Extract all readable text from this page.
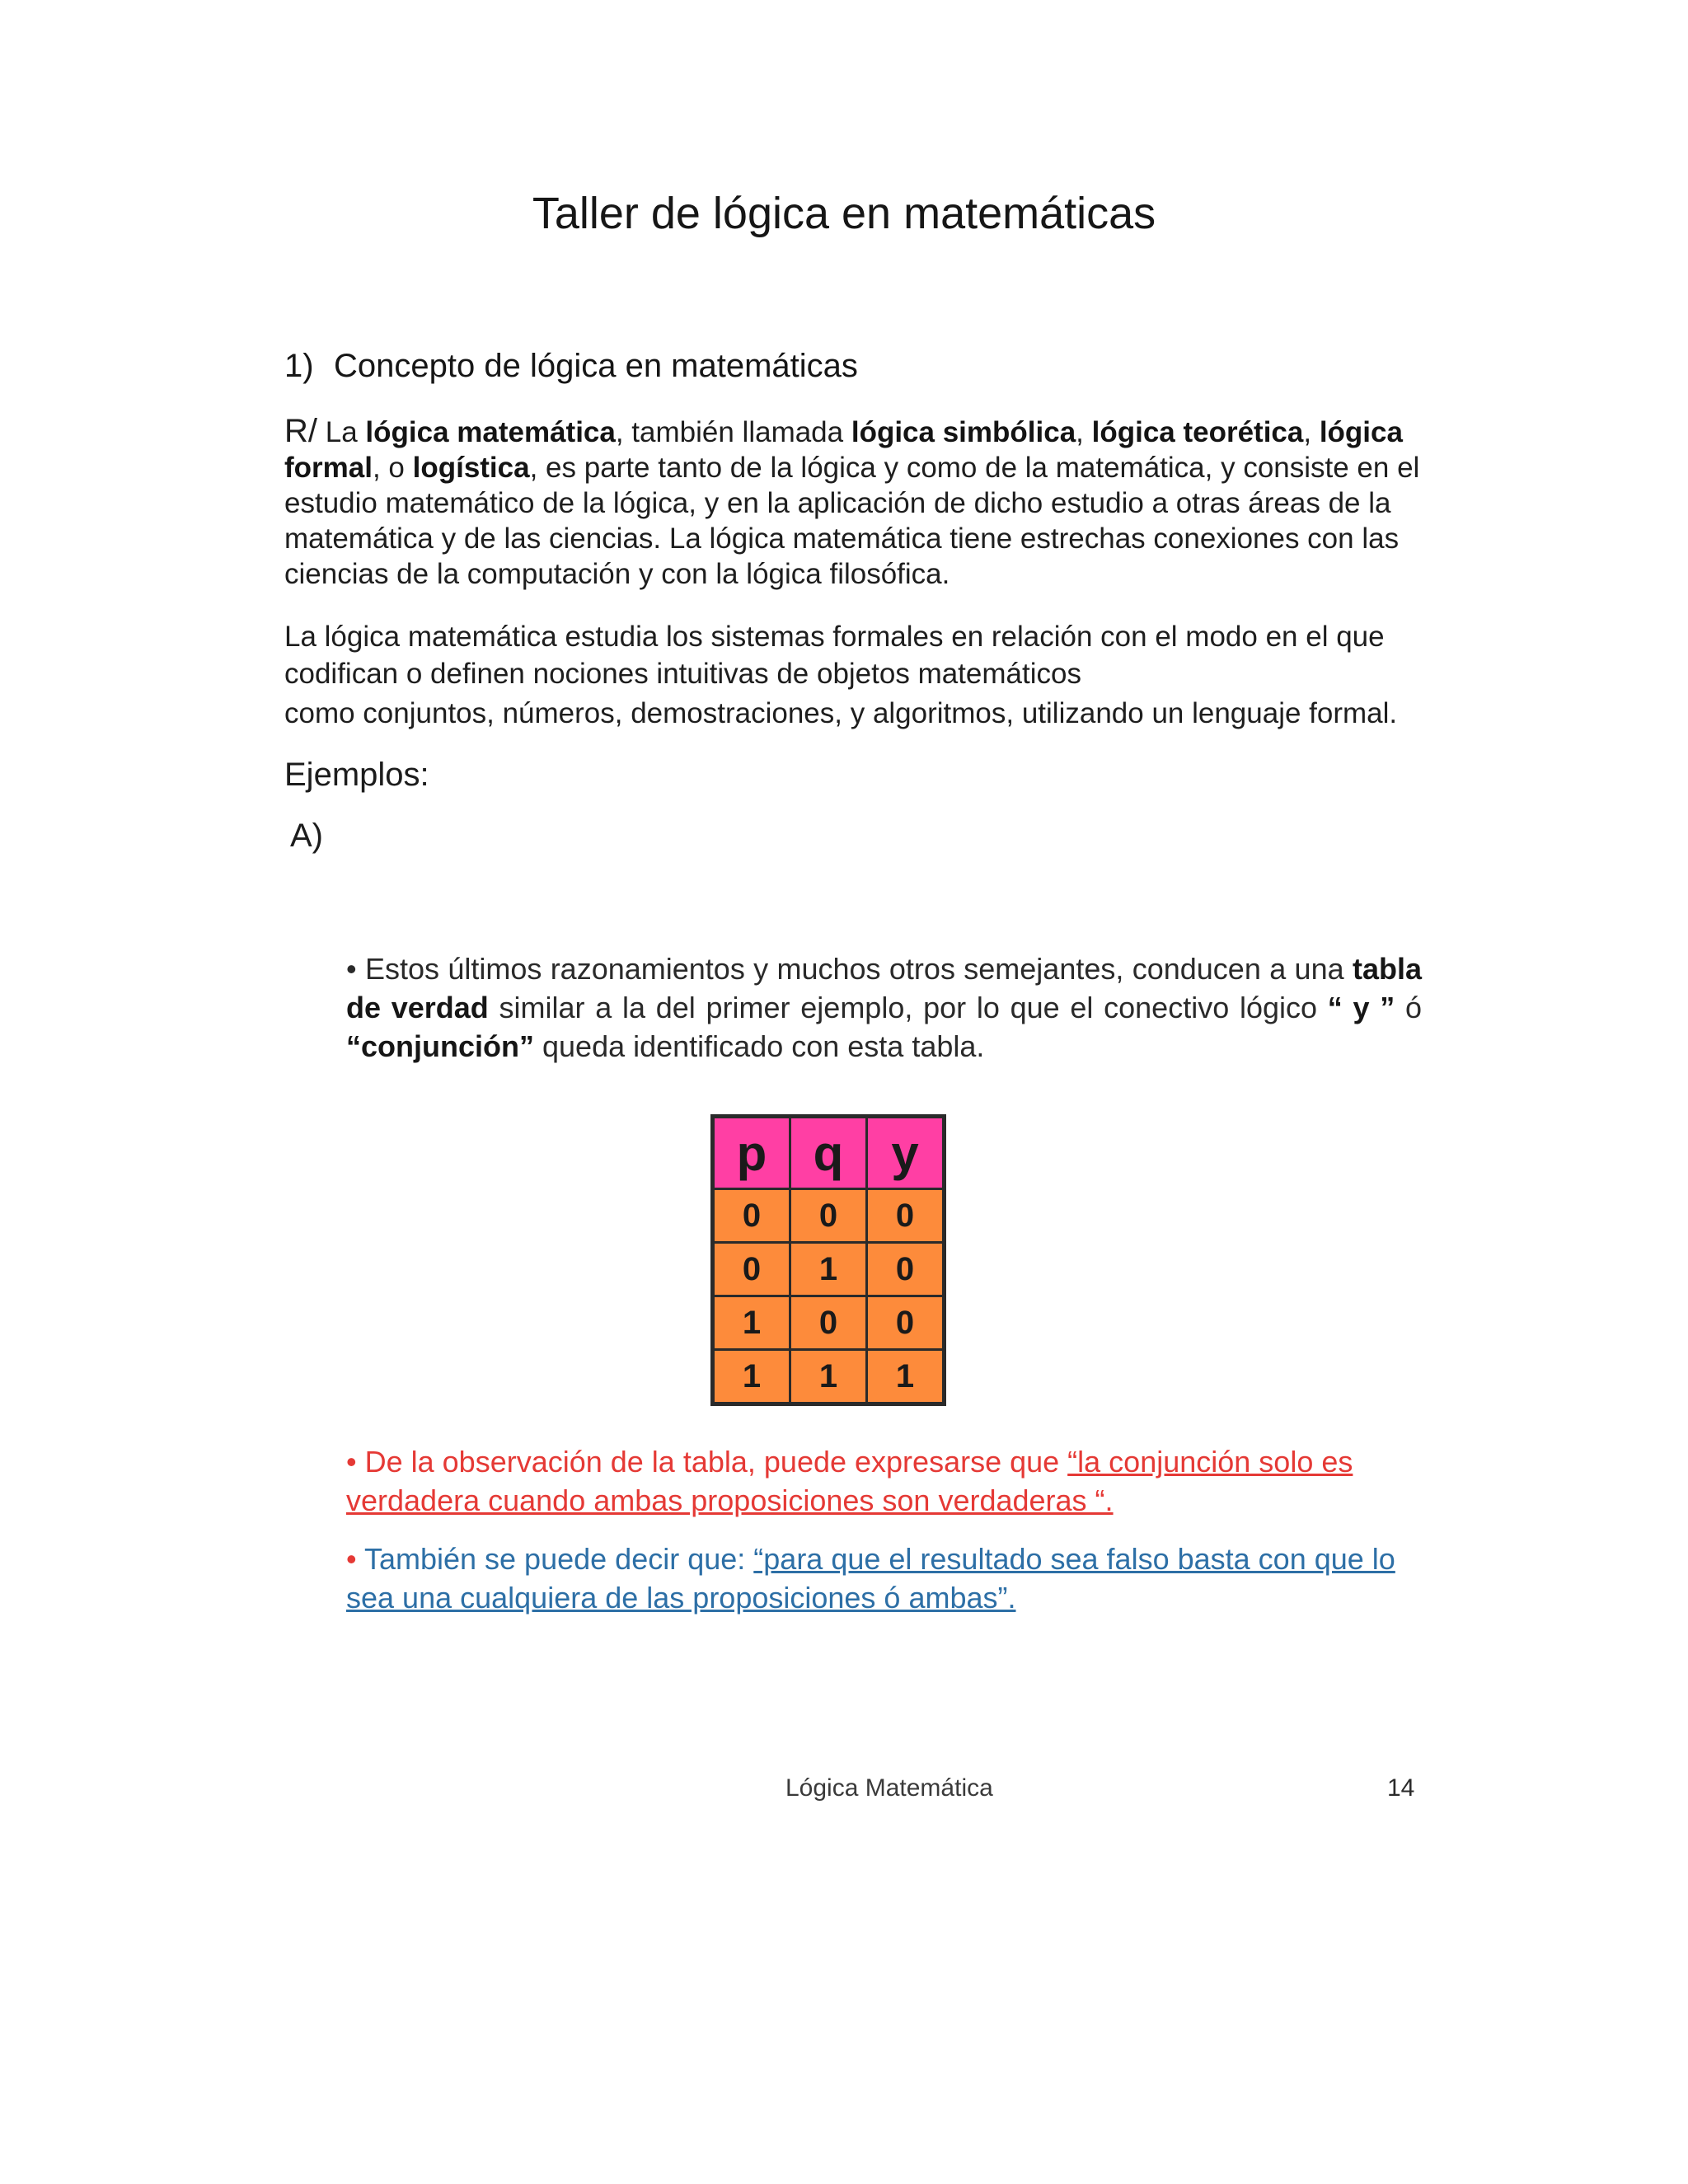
Taller de lógica en matemáticas
1) Concepto de lógica en matemáticas
R/ La lógica matemática, también llamada lógica simbólica, lógica teorética, lógica formal, o logística, es parte tanto de la lógica y como de la matemática, y consiste en el estudio matemático de la lógica, y en la aplicación de dicho estudio a otras áreas de la matemática y de las ciencias. La lógica matemática tiene estrechas conexiones con las ciencias de la computación y con la lógica filosófica.
La lógica matemática estudia los sistemas formales en relación con el modo en el que
codifican o definen nociones intuitivas de objetos matemáticos
como conjuntos, números, demostraciones, y algoritmos, utilizando un lenguaje formal.
Ejemplos:
A)
• Estos últimos razonamientos y muchos otros semejantes, conducen a una tabla de verdad similar a la del primer ejemplo, por lo que el conectivo lógico “ y ” ó “conjunción” queda identificado con esta tabla.
p	q	y
0	0	0
0	1	0
1	0	0
1	1	1
• De la observación de la tabla, puede expresarse que “la conjunción solo es verdadera cuando ambas proposiciones son verdaderas “.
• También se puede decir que: “para que el resultado sea falso basta con que lo sea una cualquiera de las proposiciones ó ambas”.
Lógica Matemática	14
